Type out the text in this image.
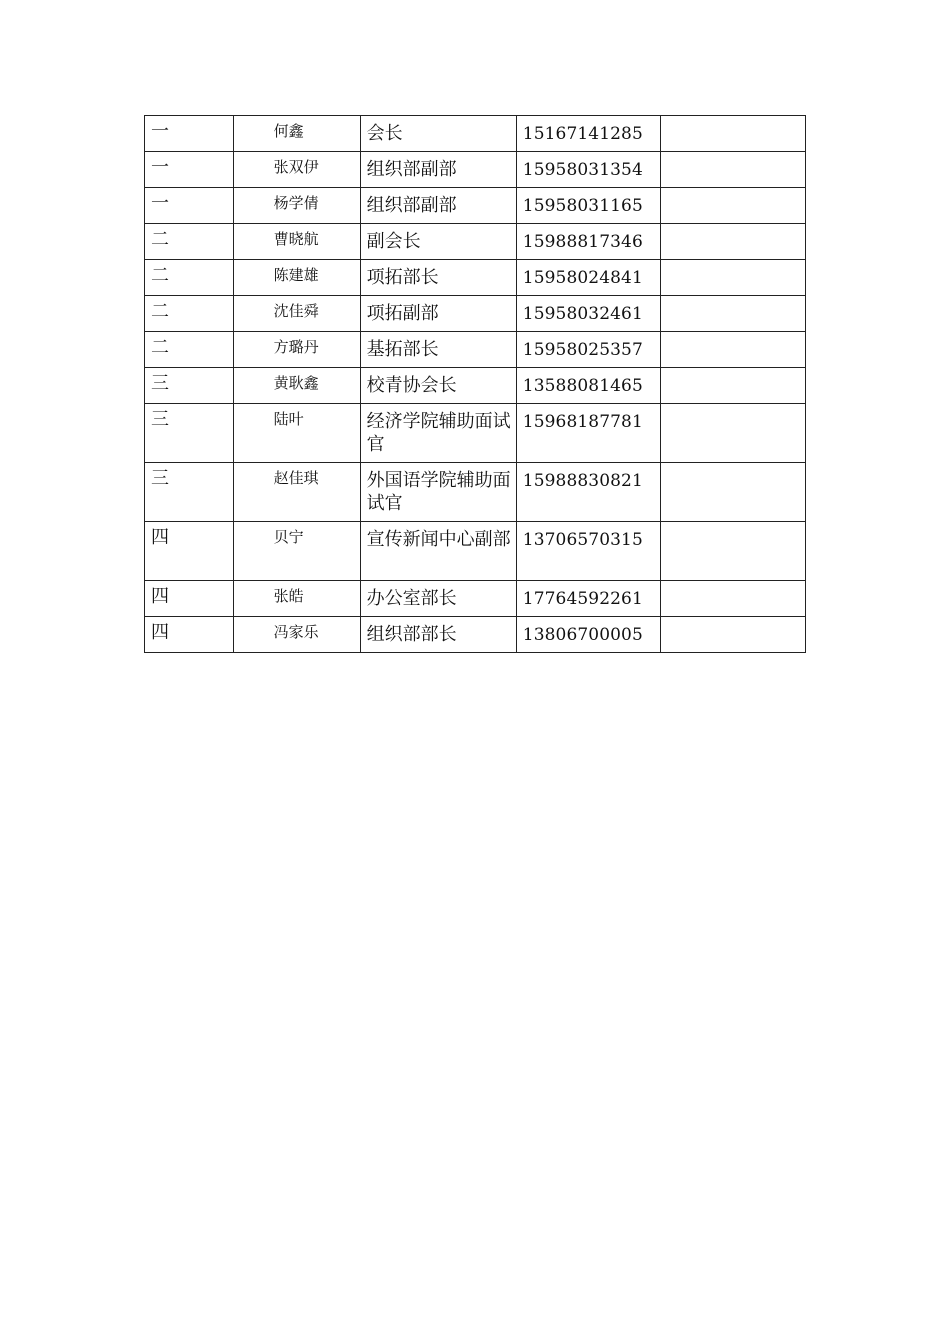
一	何鑫	会长	15167141285	

一	张双伊	组织部副部	15958031354	

一	杨学倩	组织部副部	15958031165	

二	曹晓航	副会长	15988817346	

二	陈建雄	项拓部长	15958024841	

二	沈佳舜	项拓副部	15958032461	

二	方璐丹	基拓部长	15958025357	

三	黄耿鑫	校青协会长	13588081465	

三	陆叶	经济学院辅助面试官	15968187781	

三	赵佳琪	外国语学院辅助面试官	15988830821	

四	贝宁	宣传新闻中心副部	13706570315	

四	张皓	办公室部长	17764592261	

四	冯家乐	组织部部长	13806700005	
